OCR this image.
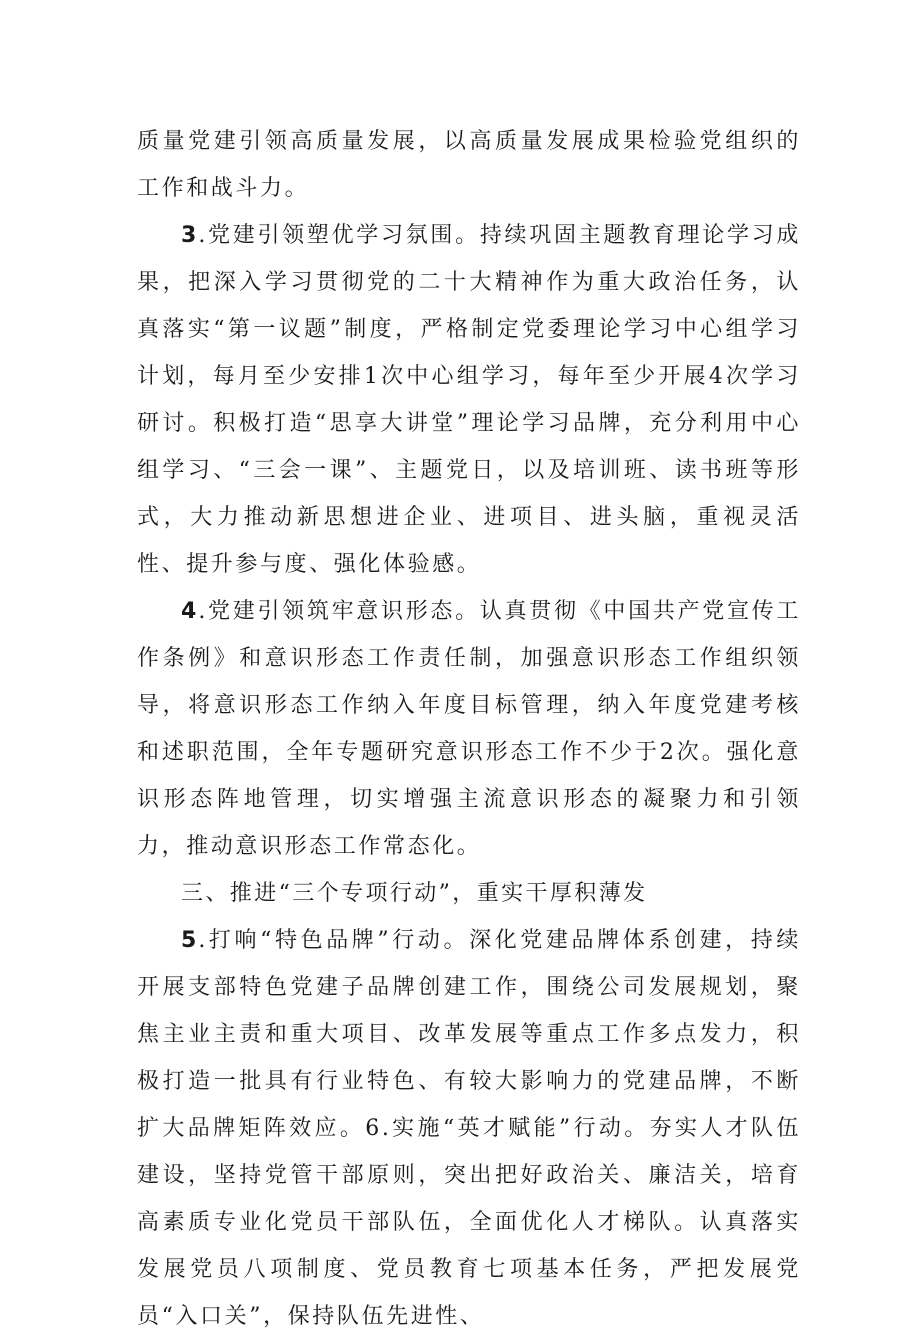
质量党建引领高质量发展，以高质量发展成果检验党组织的工作和战斗力。

3.党建引领塑优学习氛围。持续巩固主题教育理论学习成果，把深入学习贯彻党的二十大精神作为重大政治任务，认真落实“第一议题”制度，严格制定党委理论学习中心组学习计划，每月至少安排1次中心组学习，每年至少开展4次学习研讨。积极打造“思享大讲堂”理论学习品牌，充分利用中心组学习、“三会一课”、主题党日，以及培训班、读书班等形式，大力推动新思想进企业、进项目、进头脑，重视灵活性、提升参与度、强化体验感。

4.党建引领筑牢意识形态。认真贯彻《中国共产党宣传工作条例》和意识形态工作责任制，加强意识形态工作组织领导，将意识形态工作纳入年度目标管理，纳入年度党建考核和述职范围，全年专题研究意识形态工作不少于2次。强化意识形态阵地管理，切实增强主流意识形态的凝聚力和引领力，推动意识形态工作常态化。

三、推进“三个专项行动”，重实干厚积薄发

5.打响“特色品牌”行动。深化党建品牌体系创建，持续开展支部特色党建子品牌创建工作，围绕公司发展规划，聚焦主业主责和重大项目、改革发展等重点工作多点发力，积极打造一批具有行业特色、有较大影响力的党建品牌，不断扩大品牌矩阵效应。6.实施“英才赋能”行动。夯实人才队伍建设，坚持党管干部原则，突出把好政治关、廉洁关，培育高素质专业化党员干部队伍，全面优化人才梯队。认真落实发展党员八项制度、党员教育七项基本任务，严把发展党员“入口关”，保持队伍先进性、
